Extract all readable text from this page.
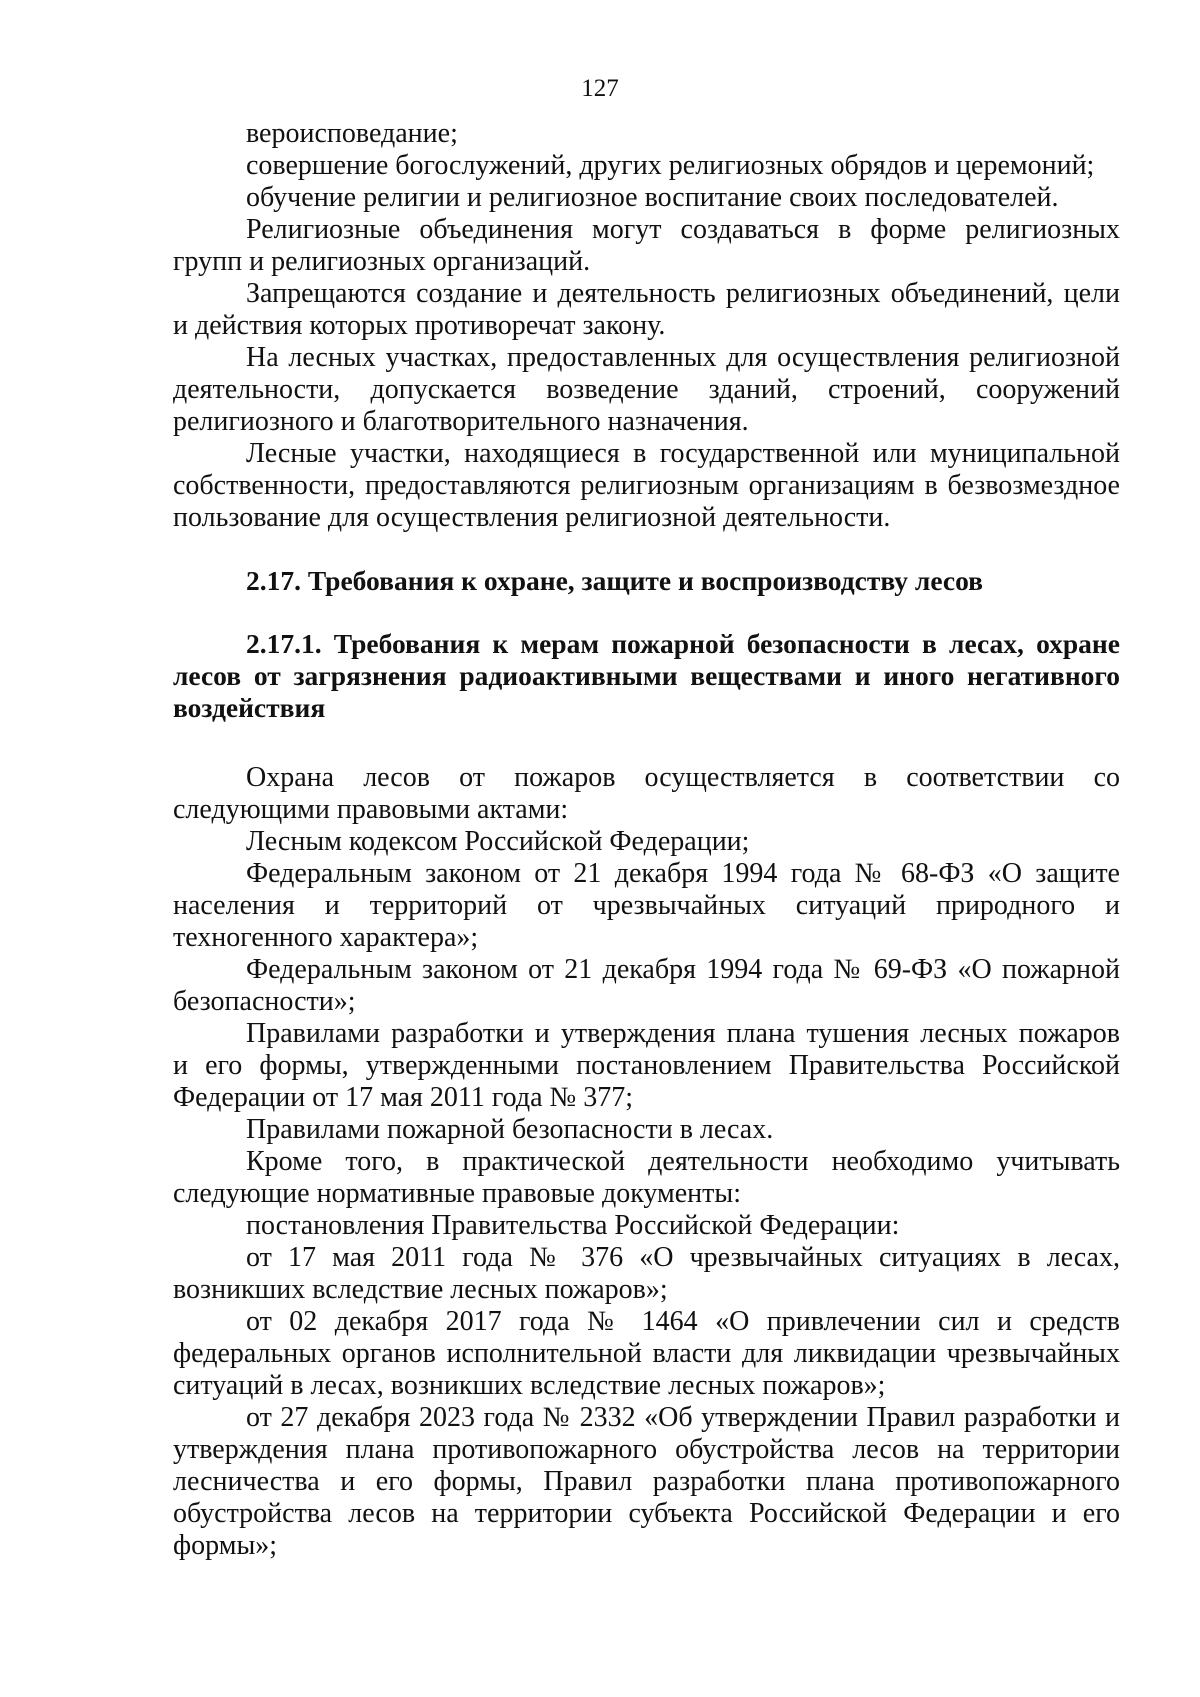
127
вероисповедание;
совершение богослужений, других религиозных обрядов и церемоний;
обучение религии и религиозное воспитание своих последователей.
Религиозные объединения могут создаваться в форме религиозных
групп и религиозных организаций.
Запрещаются создание и деятельность религиозных объединений, цели
и действия которых противоречат закону.
На лесных участках, предоставленных для осуществления религиозной
деятельности, допускается возведение зданий, строений, сооружений
религиозного и благотворительного назначения.
Лесные участки, находящиеся в государственной или муниципальной
собственности, предоставляются религиозным организациям в безвозмездное
пользование для осуществления религиозной деятельности.
2.17. Требования к охране, защите и воспроизводству лесов
2.17.1. Требования к мерам пожарной безопасности в лесах, охране
лесов от загрязнения радиоактивными веществами и иного негативного
воздействия
Охрана лесов от пожаров осуществляется в соответствии со
следующими правовыми актами:
Лесным кодексом Российской Федерации;
Федеральным законом от 21 декабря 1994 года № 68-ФЗ «О защите
населения и территорий от чрезвычайных ситуаций природного и
техногенного характера»;
Федеральным законом от 21 декабря 1994 года № 69-ФЗ «О пожарной
безопасности»;
Правилами разработки и утверждения плана тушения лесных пожаров
и его формы, утвержденными постановлением Правительства Российской
Федерации от 17 мая 2011 года № 377;
Правилами пожарной безопасности в лесах.
Кроме того, в практической деятельности необходимо учитывать
следующие нормативные правовые документы:
постановления Правительства Российской Федерации:
от 17 мая 2011 года № 376 «О чрезвычайных ситуациях в лесах,
возникших вследствие лесных пожаров»;
от 02 декабря 2017 года № 1464 «О привлечении сил и средств
федеральных органов исполнительной власти для ликвидации чрезвычайных
ситуаций в лесах, возникших вследствие лесных пожаров»;
от 27 декабря 2023 года № 2332 «Об утверждении Правил разработки и
утверждения плана противопожарного обустройства лесов на территории
лесничества и его формы, Правил разработки плана противопожарного
обустройства лесов на территории субъекта Российской Федерации и его
формы»;
